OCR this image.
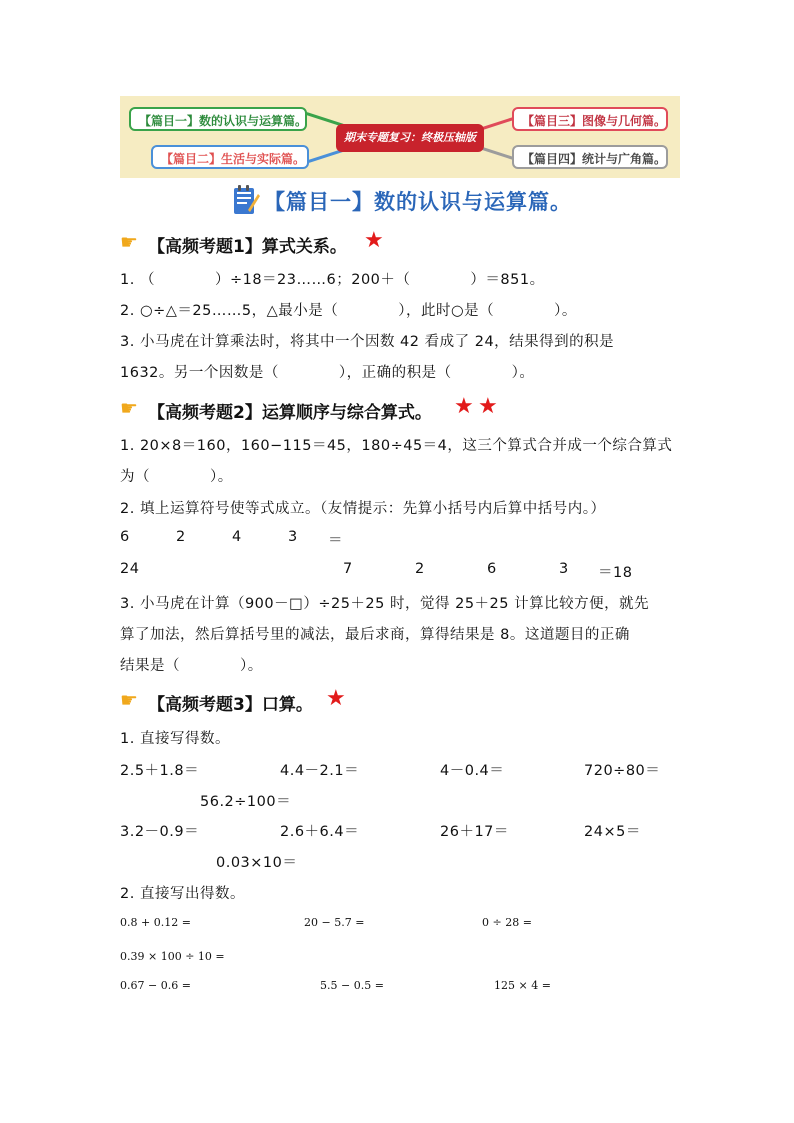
【篇目一】数的认识与运算篇。
【篇目二】生活与实际篇。
【篇目三】图像与几何篇。
【篇目四】统计与广角篇。
期末专题复习：终极压轴版
【篇目一】数的认识与运算篇。
☛ 【高频考题1】算式关系。 ★
1. （　　　　）÷18＝23……6；200＋（　　　　）＝851。
2. ○÷△＝25……5，△最小是（　　　　），此时○是（　　　　）。
3. 小马虎在计算乘法时，将其中一个因数 42 看成了 24，结果得到的积是
1632。另一个因数是（　　　　），正确的积是（　　　　）。
☛ 【高频考题2】运算顺序与综合算式。 ★ ★
1. 20×8＝160，160−115＝45，180÷45＝4，这三个算式合并成一个综合算式
为（　　　　）。
2. 填上运算符号使等式成立。（友情提示：先算小括号内后算中括号内。）
6	2	4	3 ＝
24	7	2	6	3 ＝18
3. 小马虎在计算（900－□）÷25＋25 时，觉得 25＋25 计算比较方便，就先
算了加法，然后算括号里的减法，最后求商，算得结果是 8。这道题目的正确
结果是（　　　　）。
☛ 【高频考题3】口算。 ★
1. 直接写得数。
2.5＋1.8＝	4.4－2.1＝	4－0.4＝	720÷80＝
56.2÷100＝
3.2－0.9＝	2.6＋6.4＝	26＋17＝	24×5＝
0.03×10＝
2. 直接写出得数。
0.8 + 0.12 =	20 − 5.7 =	0 ÷ 28 =
0.39 × 100 ÷ 10 =
0.67 − 0.6 =	5.5 − 0.5 =	125 × 4 =
